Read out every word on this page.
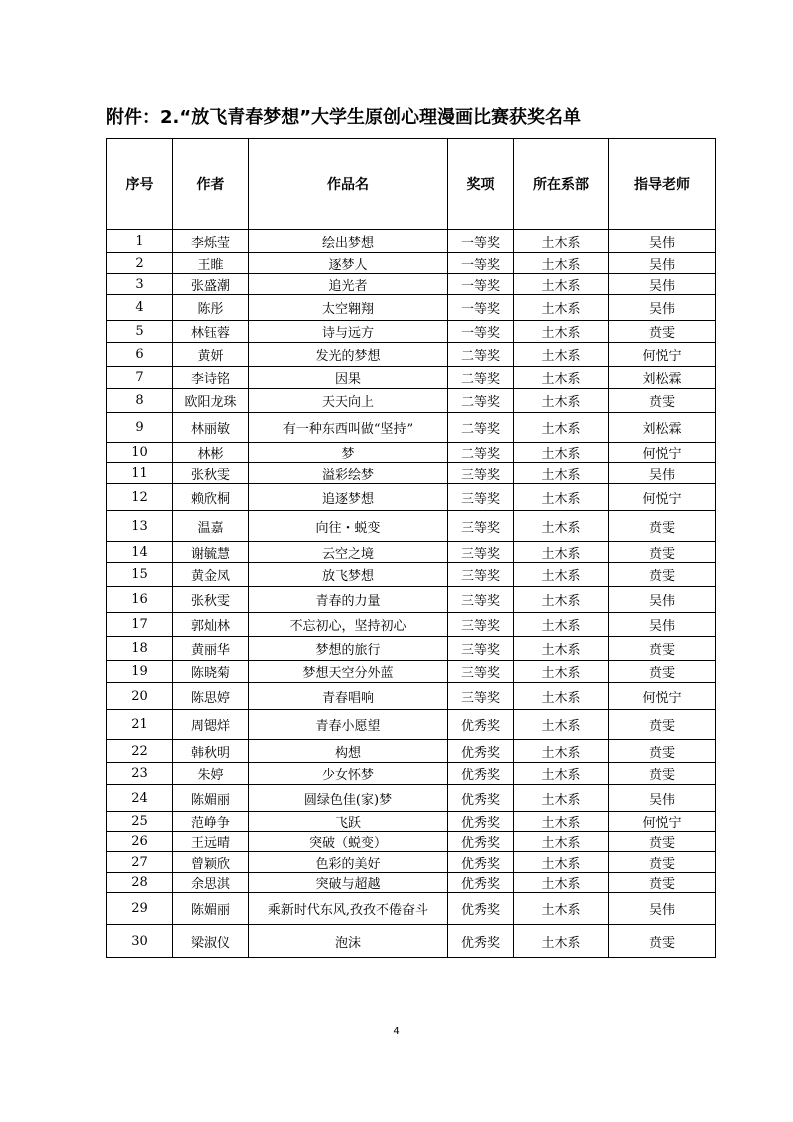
附件：2.“放飞青春梦想”大学生原创心理漫画比赛获奖名单
序号	作者	作品名	奖项	所在系部	指导老师
1	李烁莹	绘出梦想	一等奖	土木系	吴伟
2	王睢	逐梦人	一等奖	土木系	吴伟
3	张盛潮	追光者	一等奖	土木系	吴伟
4	陈彤	太空翱翔	一等奖	土木系	吴伟
5	林钰蓉	诗与远方	一等奖	土木系	贲雯
6	黄妍	发光的梦想	二等奖	土木系	何悦宁
7	李诗铭	因果	二等奖	土木系	刘松霖
8	欧阳龙珠	天天向上	二等奖	土木系	贲雯
9	林丽敏	有一种东西叫做“坚持”	二等奖	土木系	刘松霖
10	林彬	梦	二等奖	土木系	何悦宁
11	张秋雯	溢彩绘梦	三等奖	土木系	吴伟
12	赖欣桐	追逐梦想	三等奖	土木系	何悦宁
13	温嘉	向往・蜕变	三等奖	土木系	贲雯
14	谢毓慧	云空之境	三等奖	土木系	贲雯
15	黄金凤	放飞梦想	三等奖	土木系	贲雯
16	张秋雯	青春的力量	三等奖	土木系	吴伟
17	郭灿林	不忘初心，坚持初心	三等奖	土木系	吴伟
18	黄丽华	梦想的旅行	三等奖	土木系	贲雯
19	陈晓菊	梦想天空分外蓝	三等奖	土木系	贲雯
20	陈思婷	青春唱响	三等奖	土木系	何悦宁
21	周锶烊	青春小愿望	优秀奖	土木系	贲雯
22	韩秋明	构想	优秀奖	土木系	贲雯
23	朱婷	少女怀梦	优秀奖	土木系	贲雯
24	陈媚丽	圆绿色佳(家)梦	优秀奖	土木系	吴伟
25	范峥争	飞跃	优秀奖	土木系	何悦宁
26	王远晴	突破（蜕变）	优秀奖	土木系	贲雯
27	曾颖欣	色彩的美好	优秀奖	土木系	贲雯
28	余思淇	突破与超越	优秀奖	土木系	贲雯
29	陈媚丽	乘新时代东风,孜孜不倦奋斗	优秀奖	土木系	吴伟
30	梁淑仪	泡沫	优秀奖	土木系	贲雯
4
